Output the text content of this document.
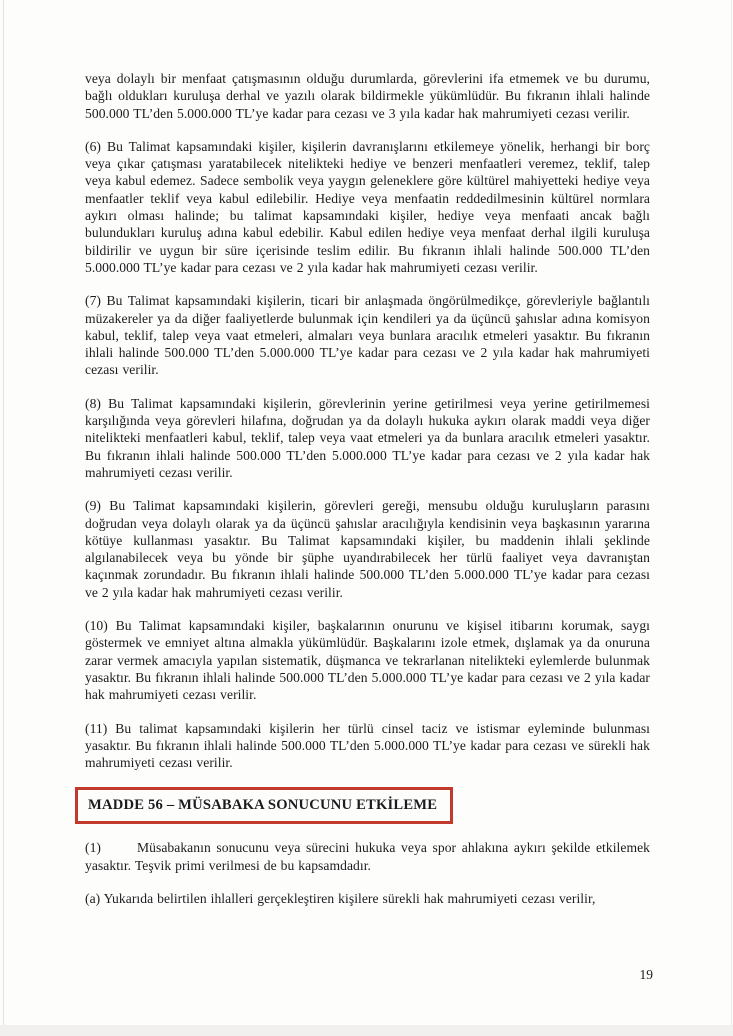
veya dolaylı bir menfaat çatışmasının olduğu durumlarda, görevlerini ifa etmemek ve bu durumu, bağlı oldukları kuruluşa derhal ve yazılı olarak bildirmekle yükümlüdür. Bu fıkranın ihlali halinde 500.000 TL’den 5.000.000 TL’ye kadar para cezası ve 3 yıla kadar hak mahrumiyeti cezası verilir.

(6) Bu Talimat kapsamındaki kişiler, kişilerin davranışlarını etkilemeye yönelik, herhangi bir borç veya çıkar çatışması yaratabilecek nitelikteki hediye ve benzeri menfaatleri veremez, teklif, talep veya kabul edemez. Sadece sembolik veya yaygın geleneklere göre kültürel mahiyetteki hediye veya menfaatler teklif veya kabul edilebilir. Hediye veya menfaatin reddedilmesinin kültürel normlara aykırı olması halinde; bu talimat kapsamındaki kişiler, hediye veya menfaati ancak bağlı bulundukları kuruluş adına kabul edebilir. Kabul edilen hediye veya menfaat derhal ilgili kuruluşa bildirilir ve uygun bir süre içerisinde teslim edilir. Bu fıkranın ihlali halinde 500.000 TL’den 5.000.000 TL’ye kadar para cezası ve 2 yıla kadar hak mahrumiyeti cezası verilir.

(7) Bu Talimat kapsamındaki kişilerin, ticari bir anlaşmada öngörülmedikçe, görevleriyle bağlantılı müzakereler ya da diğer faaliyetlerde bulunmak için kendileri ya da üçüncü şahıslar adına komisyon kabul, teklif, talep veya vaat etmeleri, almaları veya bunlara aracılık etmeleri yasaktır. Bu fıkranın ihlali halinde 500.000 TL’den 5.000.000 TL’ye kadar para cezası ve 2 yıla kadar hak mahrumiyeti cezası verilir.

(8) Bu Talimat kapsamındaki kişilerin, görevlerinin yerine getirilmesi veya yerine getirilmemesi karşılığında veya görevleri hilafına, doğrudan ya da dolaylı hukuka aykırı olarak maddi veya diğer nitelikteki menfaatleri kabul, teklif, talep veya vaat etmeleri ya da bunlara aracılık etmeleri yasaktır. Bu fıkranın ihlali halinde 500.000 TL’den 5.000.000 TL’ye kadar para cezası ve 2 yıla kadar hak mahrumiyeti cezası verilir.

(9) Bu Talimat kapsamındaki kişilerin, görevleri gereği, mensubu olduğu kuruluşların parasını doğrudan veya dolaylı olarak ya da üçüncü şahıslar aracılığıyla kendisinin veya başkasının yararına kötüye kullanması yasaktır. Bu Talimat kapsamındaki kişiler, bu maddenin ihlali şeklinde algılanabilecek veya bu yönde bir şüphe uyandırabilecek her türlü faaliyet veya davranıştan kaçınmak zorundadır. Bu fıkranın ihlali halinde 500.000 TL’den 5.000.000 TL’ye kadar para cezası ve 2 yıla kadar hak mahrumiyeti cezası verilir.

(10) Bu Talimat kapsamındaki kişiler, başkalarının onurunu ve kişisel itibarını korumak, saygı göstermek ve emniyet altına almakla yükümlüdür. Başkalarını izole etmek, dışlamak ya da onuruna zarar vermek amacıyla yapılan sistematik, düşmanca ve tekrarlanan nitelikteki eylemlerde bulunmak yasaktır. Bu fıkranın ihlali halinde 500.000 TL’den 5.000.000 TL’ye kadar para cezası ve 2 yıla kadar hak mahrumiyeti cezası verilir.

(11) Bu talimat kapsamındaki kişilerin her türlü cinsel taciz ve istismar eyleminde bulunması yasaktır. Bu fıkranın ihlali halinde 500.000 TL’den 5.000.000 TL’ye kadar para cezası ve sürekli hak mahrumiyeti cezası verilir.

MADDE 56 – MÜSABAKA SONUCUNU ETKİLEME

(1)	Müsabakanın sonucunu veya sürecini hukuka veya spor ahlakına aykırı şekilde etkilemek yasaktır. Teşvik primi verilmesi de bu kapsamdadır.

(a) Yukarıda belirtilen ihlalleri gerçekleştiren kişilere sürekli hak mahrumiyeti cezası verilir,

19
